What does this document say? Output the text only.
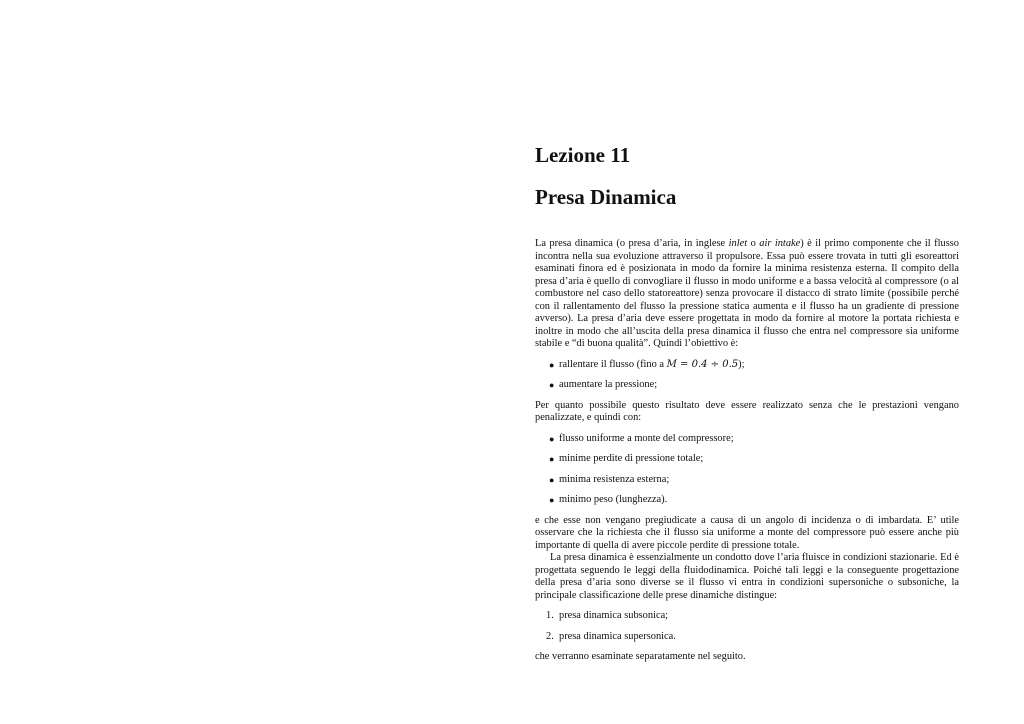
Lezione 11
Presa Dinamica

La presa dinamica (o presa d’aria, in inglese inlet o air intake) è il primo componente che il flusso incontra nella sua evoluzione attraverso il propulsore. Essa può essere trovata in tutti gli esoreattori esaminati finora ed è posizionata in modo da fornire la minima resistenza esterna. Il compito della presa d’aria è quello di convogliare il flusso in modo uniforme e a bassa velocità al compressore (o al combustore nel caso dello statoreattore) senza provocare il distacco di strato limite (possibile perché con il rallentamento del flusso la pressione statica aumenta e il flusso ha un gradiente di pressione avverso). La presa d’aria deve essere progettata in modo da fornire al motore la portata richiesta e inoltre in modo che all’uscita della presa dinamica il flusso che entra nel compressore sia uniforme stabile e “di buona qualità”. Quindi l’obiettivo è:

● rallentare il flusso (fino a M = 0.4 ÷ 0.5);
● aumentare la pressione;

Per quanto possibile questo risultato deve essere realizzato senza che le prestazioni vengano penalizzate, e quindi con:

● flusso uniforme a monte del compressore;
● minime perdite di pressione totale;
● minima resistenza esterna;
● minimo peso (lunghezza).

e che esse non vengano pregiudicate a causa di un angolo di incidenza o di imbardata. E’ utile osservare che la richiesta che il flusso sia uniforme a monte del compressore può essere anche più importante di quella di avere piccole perdite di pressione totale.

La presa dinamica è essenzialmente un condotto dove l’aria fluisce in condizioni stazionarie. Ed è progettata seguendo le leggi della fluidodinamica. Poiché tali leggi e la conseguente progettazione della presa d’aria sono diverse se il flusso vi entra in condizioni supersoniche o subsoniche, la principale classificazione delle prese dinamiche distingue:

1. presa dinamica subsonica;
2. presa dinamica supersonica.

che verranno esaminate separatamente nel seguito.
